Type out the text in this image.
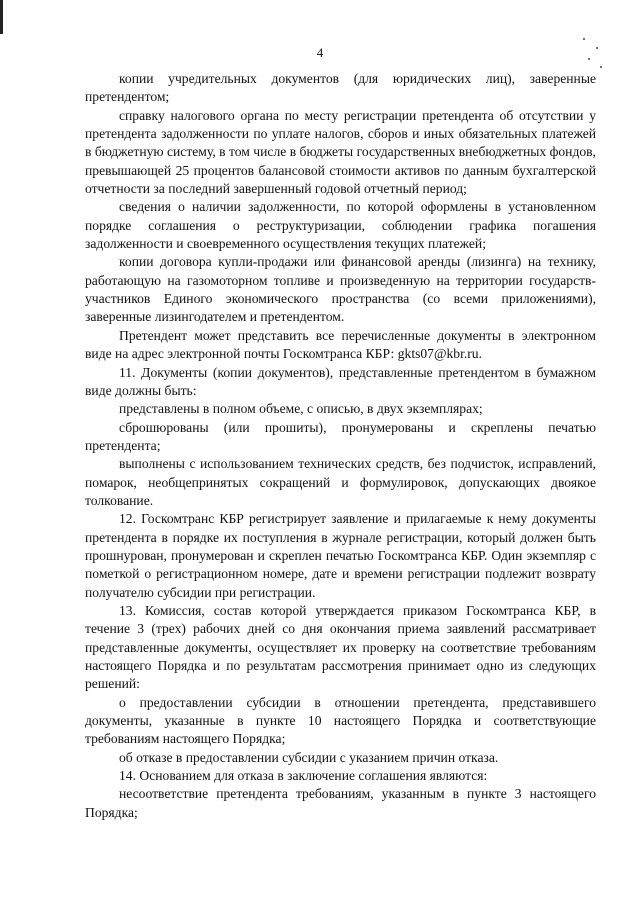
4

копии учредительных документов (для юридических лиц), заверенные претендентом;

справку налогового органа по месту регистрации претендента об отсутствии у претендента задолженности по уплате налогов, сборов и иных обязательных платежей в бюджетную систему, в том числе в бюджеты государственных внебюджетных фондов, превышающей 25 процентов балансовой стоимости активов по данным бухгалтерской отчетности за последний завершенный годовой отчетный период;

сведения о наличии задолженности, по которой оформлены в установленном порядке соглашения о реструктуризации, соблюдении графика погашения задолженности и своевременного осуществления текущих платежей;

копии договора купли-продажи или финансовой аренды (лизинга) на технику, работающую на газомоторном топливе и произведенную на территории государств-участников Единого экономического пространства (со всеми приложениями), заверенные лизингодателем и претендентом.

Претендент может представить все перечисленные документы в электронном виде на адрес электронной почты Госкомтранса КБР: gkts07@kbr.ru.

11. Документы (копии документов), представленные претендентом в бумажном виде должны быть:

представлены в полном объеме, с описью, в двух экземплярах;

сброшюрованы (или прошиты), пронумерованы и скреплены печатью претендента;

выполнены с использованием технических средств, без подчисток, исправлений, помарок, необщепринятых сокращений и формулировок, допускающих двоякое толкование.

12. Госкомтранс КБР регистрирует заявление и прилагаемые к нему документы претендента в порядке их поступления в журнале регистрации, который должен быть прошнурован, пронумерован и скреплен печатью Госкомтранса КБР. Один экземпляр с пометкой о регистрационном номере, дате и времени регистрации подлежит возврату получателю субсидии при регистрации.

13. Комиссия, состав которой утверждается приказом Госкомтранса КБР, в течение 3 (трех) рабочих дней со дня окончания приема заявлений рассматривает представленные документы, осуществляет их проверку на соответствие требованиям настоящего Порядка и по результатам рассмотрения принимает одно из следующих решений:

о предоставлении субсидии в отношении претендента, представившего документы, указанные в пункте 10 настоящего Порядка и соответствующие требованиям настоящего Порядка;

об отказе в предоставлении субсидии с указанием причин отказа.

14. Основанием для отказа в заключение соглашения являются:

несоответствие претендента требованиям, указанным в пункте 3 настоящего Порядка;
